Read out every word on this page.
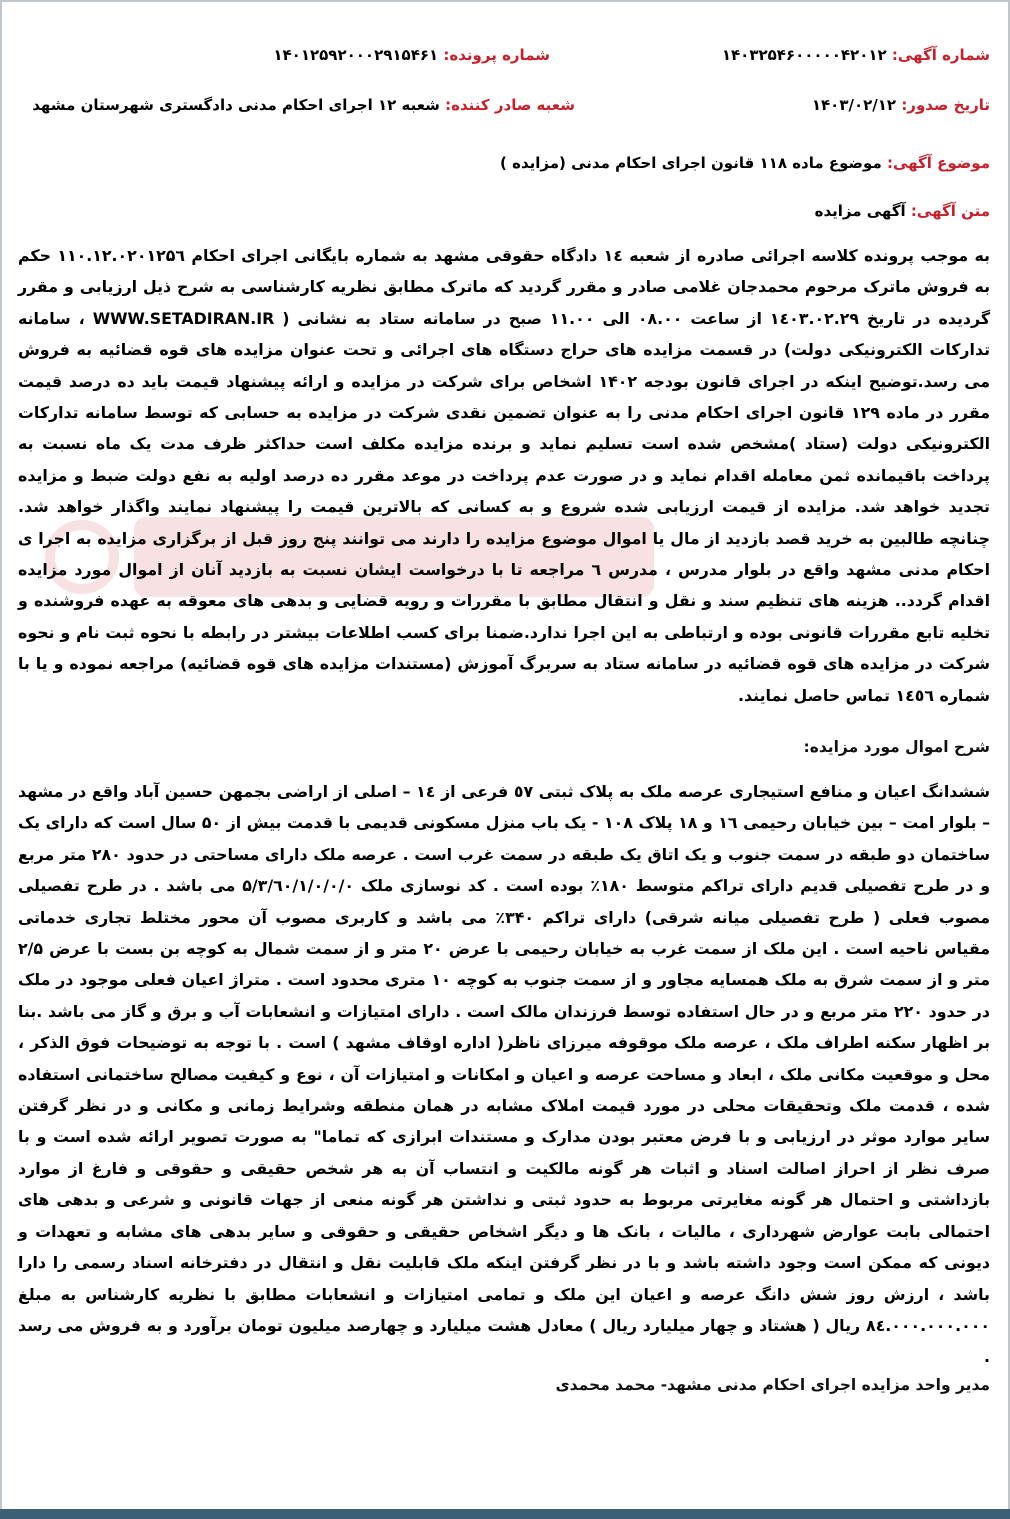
شماره آگهی: ۱۴۰۳۲۵۴۶۰۰۰۰۰۴۲۰۱۲
شماره پرونده: ۱۴۰۱۲۵۹۲۰۰۰۲۹۱۵۴۶۱
تاریخ صدور: ۱۴۰۳/۰۲/۱۲
شعبه صادر کننده: شعبه ۱۲ اجرای احکام مدنی دادگستری شهرستان مشهد
موضوع آگهی: موضوع ماده ۱۱۸ قانون اجرای احکام مدنی (مزایده )
متن آگهی: آگهی مزایده
به موجب پرونده کلاسه اجرائی صادره از شعبه ۱٤ دادگاه حقوقی مشهد به شماره بایگانی اجرای احکام ۱۱۰.۱۲.۰۲۰۱۲۵٦ حکم به فروش ماترک مرحوم محمدجان غلامی صادر و مقرر گردید که ماترک مطابق نظریه کارشناسی به شرح ذیل ارزیابی و مقرر گردیده در تاریخ ۱٤۰۳.۰۲.۲۹ از ساعت ۰۸.۰۰ الی ۱۱.۰۰ صبح در سامانه ستاد به نشانی ( WWW.SETADIRAN.IR ، سامانه تدارکات الکترونیکی دولت) در قسمت مزایده های حراج دستگاه های اجرائی و تحت عنوان مزایده های قوه قضائیه به فروش می رسد.توضیح اینکه در اجرای قانون بودجه ۱۴۰۲ اشخاص برای شرکت در مزایده و ارائه پیشنهاد قیمت باید ده درصد قیمت مقرر در ماده ۱۲۹ قانون اجرای احکام مدنی را به عنوان تضمین نقدی شرکت در مزایده به حسابی که توسط سامانه تدارکات الکترونیکی دولت (ستاد )مشخص شده است تسلیم نماید و برنده مزایده مکلف است حداکثر ظرف مدت یک ماه نسبت به پرداخت باقیمانده ثمن معامله اقدام نماید و در صورت عدم پرداخت در موعد مقرر ده درصد اولیه به نفع دولت ضبط و مزایده تجدید خواهد شد. مزایده از قیمت ارزیابی شده شروع و به کسانی که بالاترین قیمت را پیشنهاد نمایند واگذار خواهد شد. چنانچه طالبین به خرید قصد بازدید از مال یا اموال موضوع مزایده را دارند می توانند پنج روز قبل از برگزاری مزایده به اجرا ی احکام مدنی مشهد واقع در بلوار مدرس ، مدرس ٦ مراجعه تا با درخواست ایشان نسبت به بازدید آنان از اموال مورد مزایده اقدام گردد.. هزینه های تنظیم سند و نقل و انتقال مطابق با مقررات و رویه قضایی و بدهی های معوقه به عهده فروشنده و تخلیه تابع مقررات قانونی بوده و ارتباطی به این اجرا ندارد.ضمنا برای کسب اطلاعات بیشتر در رابطه با نحوه ثبت نام و نحوه شرکت در مزایده های قوه قضائیه در سامانه ستاد به سربرگ آموزش (مستندات مزایده های قوه قضائیه) مراجعه نموده و یا با شماره ۱٤٥٦ تماس حاصل نمایند.
شرح اموال مورد مزایده:
ششدانگ اعیان و منافع استیجاری عرصه ملک به پلاک ثبتی ٥۷ فرعی از ۱٤ – اصلی از اراضی بجمهن حسین آباد واقع در مشهد – بلوار امت – بین خیابان رحیمی ۱٦ و ۱۸ پلاک ۱۰۸ - یک باب منزل مسکونی قدیمی با قدمت بیش از ۵۰ سال است که دارای یک ساختمان دو طبقه در سمت جنوب و یک اتاق یک طبقه در سمت غرب است . عرصه ملک دارای مساحتی در حدود ۲۸۰ متر مربع و در طرح تفصیلی قدیم دارای تراکم متوسط ۱۸۰٪ بوده است . کد نوسازی ملک ۵/۳/٦۰/۱/۰/۰/۰ می باشد . در طرح تفصیلی مصوب فعلی ( طرح تفصیلی میانه شرقی) دارای تراکم ۳۴۰٪ می باشد و کاربری مصوب آن محور مختلط تجاری خدماتی مقیاس ناحیه است . این ملک از سمت غرب به خیابان رحیمی با عرض ۲۰ متر و از سمت شمال به کوچه بن بست با عرض ۲/۵ متر و از سمت شرق به ملک همسایه مجاور و از سمت جنوب به کوچه ۱۰ متری محدود است . متراژ اعیان فعلی موجود در ملک در حدود ۲۲۰ متر مربع و در حال استفاده توسط فرزندان مالک است . دارای امتیازات و انشعابات آب و برق و گاز می باشد .بنا بر اظهار سکنه اطراف ملک ، عرصه ملک موقوفه میرزای ناظر( اداره اوقاف مشهد ) است . با توجه به توضیحات فوق الذکر ، محل و موقعیت مکانی ملک ، ابعاد و مساحت عرصه و اعیان و امکانات و امتیازات آن ، نوع و کیفیت مصالح ساختمانی استفاده شده ، قدمت ملک وتحقیقات محلی در مورد قیمت املاک مشابه در همان منطقه وشرایط زمانی و مکانی و در نظر گرفتن سایر موارد موثر در ارزیابی و با فرض معتبر بودن مدارک و مستندات ابرازی که تماما" به صورت تصویر ارائه شده است و با صرف نظر از احراز اصالت اسناد و اثبات هر گونه مالکیت و انتساب آن به هر شخص حقیقی و حقوقی و فارغ از موارد بازداشتی و احتمال هر گونه مغایرتی مربوط به حدود ثبتی و نداشتن هر گونه منعی از جهات قانونی و شرعی و بدهی های احتمالی بابت عوارض شهرداری ، مالیات ، بانک ها و دیگر اشخاص حقیقی و حقوقی و سایر بدهی های مشابه و تعهدات و دیونی که ممکن است وجود داشته باشد و با در نظر گرفتن اینکه ملک قابلیت نقل و انتقال در دفترخانه اسناد رسمی را دارا باشد ، ارزش روز شش دانگ عرصه و اعیان این ملک و تمامی امتیازات و انشعابات مطابق با نظریه کارشناس به مبلغ ۸٤.۰۰۰.۰۰۰.۰۰۰ ریال ( هشتاد و چهار میلیارد ریال ) معادل هشت میلیارد و چهارصد میلیون تومان برآورد و به فروش می رسد .
مدیر واحد مزایده اجرای احکام مدنی مشهد- محمد محمدی
